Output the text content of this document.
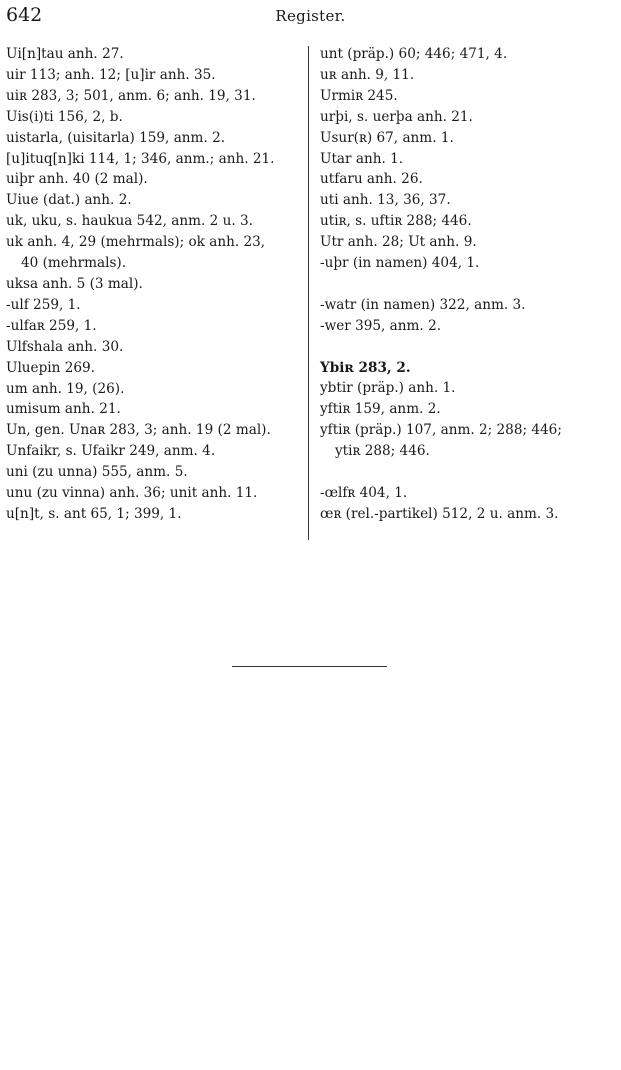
642	Register.
Ui[n]tau anh. 27.
uir 113; anh. 12; [u]ir anh. 35.
uiʀ 283, 3; 501, anm. 6; anh. 19, 31.
Uis(i)ti 156, 2, b.
uistarla, (uisitarla) 159, anm. 2.
[u]ituq[n]ki 114, 1; 346, anm.; anh. 21.
uiþr anh. 40 (2 mal).
Uiue (dat.) anh. 2.
uk, uku, s. haukua 542, anm. 2 u. 3.
uk anh. 4, 29 (mehrmals); ok anh. 23,
40 (mehrmals).
uksa anh. 5 (3 mal).
-ulf 259, 1.
-ulfaʀ 259, 1.
Ulfshala anh. 30.
Uluepin 269.
um anh. 19, (26).
umisum anh. 21.
Un, gen. Unaʀ 283, 3; anh. 19 (2 mal).
Unfaikr, s. Ufaikr 249, anm. 4.
uni (zu unna) 555, anm. 5.
unu (zu vinna) anh. 36; unit anh. 11.
u[n]t, s. ant 65, 1; 399, 1.
unt (präp.) 60; 446; 471, 4.
uʀ anh. 9, 11.
Urmiʀ 245.
urþi, s. uerþa anh. 21.
Usur(ʀ) 67, anm. 1.
Utar anh. 1.
utfaru anh. 26.
uti anh. 13, 36, 37.
utiʀ, s. uftiʀ 288; 446.
Utr anh. 28; Ut anh. 9.
-uþr (in namen) 404, 1.
-watr (in namen) 322, anm. 3.
-wer 395, anm. 2.
Ybiʀ 283, 2.
ybtir (präp.) anh. 1.
yftiʀ 159, anm. 2.
yftiʀ (präp.) 107, anm. 2; 288; 446;
ytiʀ 288; 446.
-œlfʀ 404, 1.
œʀ (rel.-partikel) 512, 2 u. anm. 3.
